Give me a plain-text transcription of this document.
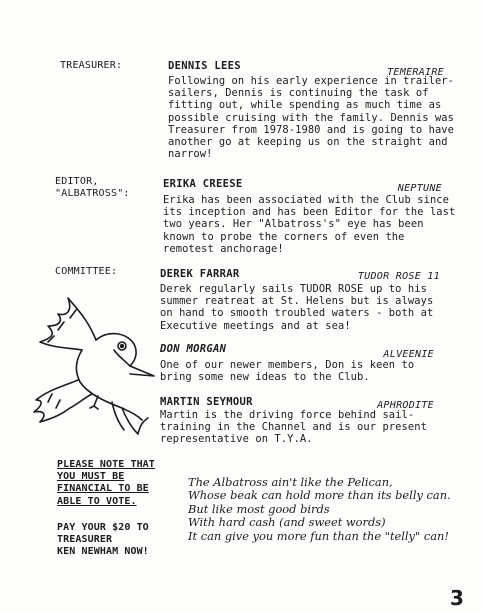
TREASURER:	DENNIS LEES
TEMERAIRE
Following on his early experience in trailer-sailers, Dennis is continuing the task of fitting out, while spending as much time as possible cruising with the family. Dennis was Treasurer from 1978-1980 and is going to have another go at keeping us on the straight and narrow!
EDITOR,
"ALBATROSS":
ERIKA CREESE	NEPTUNE
Erika has been associated with the Club since its inception and has been Editor for the last two years. Her "Albatross's" eye has been known to probe the corners of even the remotest anchorage!
COMMITTEE:	DEREK FARRAR	TUDOR ROSE 11
Derek regularly sails TUDOR ROSE up to his summer reatreat at St. Helens but is always on hand to smooth troubled waters - both at Executive meetings and at sea!
DON MORGAN	ALVEENIE
One of our newer members, Don is keen to bring some new ideas to the Club.
MARTIN SEYMOUR	APHRODITE
Martin is the driving force behind sail-training in the Channel and is our present representative on T.Y.A.
PLEASE NOTE THAT
YOU MUST BE
FINANCIAL TO BE
ABLE TO VOTE.
PAY YOUR $20 TO
TREASURER
KEN NEWHAM NOW!
The Albatross ain't like the Pelican,
Whose beak can hold more than its belly can.
But like most good birds
With hard cash (and sweet words)
It can give you more fun than the "telly" can!
3
